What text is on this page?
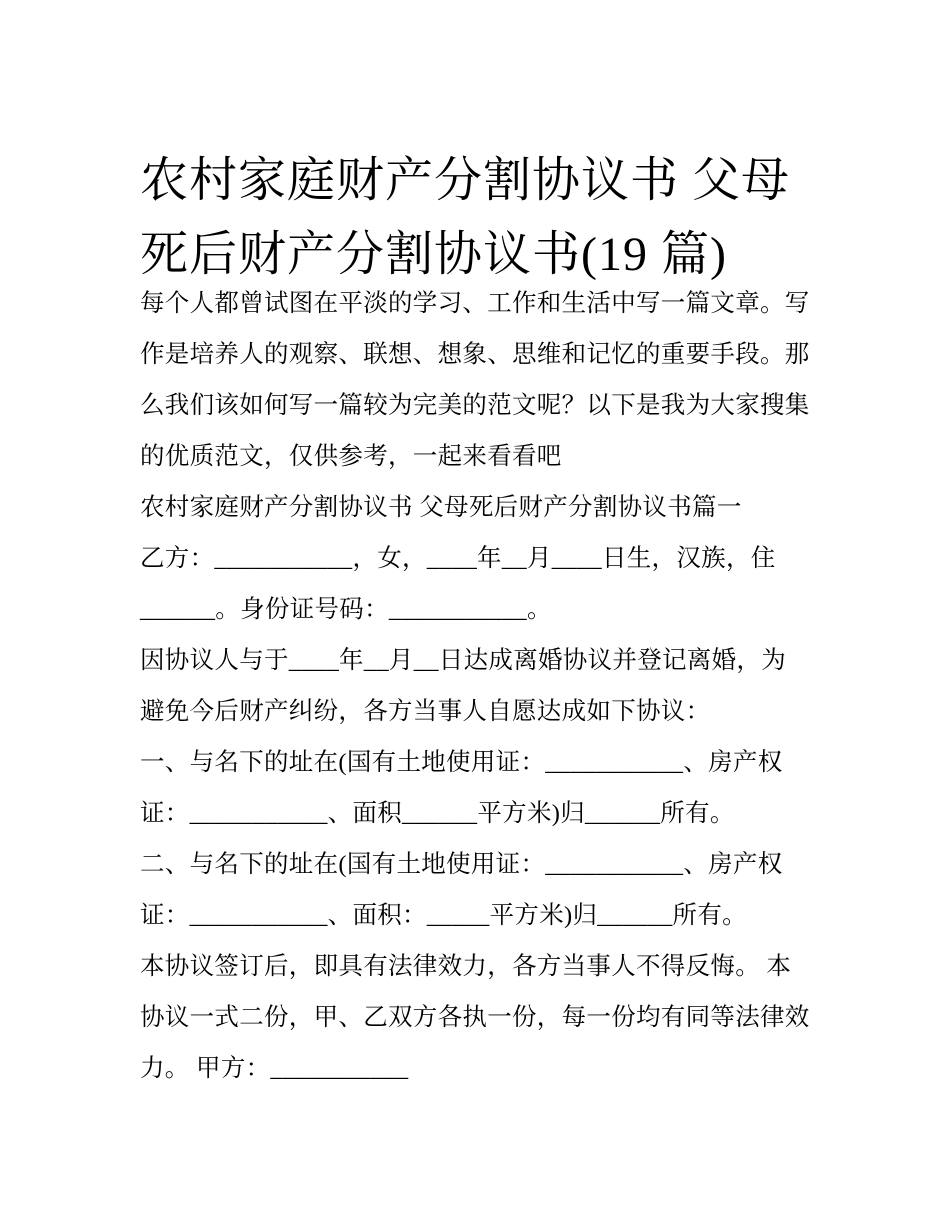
农村家庭财产分割协议书 父母
死后财产分割协议书(19 篇)
每个人都曾试图在平淡的学习、工作和生活中写一篇文章。写
作是培养人的观察、联想、想象、思维和记忆的重要手段。那
么我们该如何写一篇较为完美的范文呢？以下是我为大家搜集
的优质范文，仅供参考，一起来看看吧
农村家庭财产分割协议书 父母死后财产分割协议书篇一
乙方：___________，女，____年__月____日生，汉族，住
______。身份证号码：___________。
因协议人与于____年__月__日达成离婚协议并登记离婚，为
避免今后财产纠纷，各方当事人自愿达成如下协议：
一、与名下的址在(国有土地使用证：___________、房产权
证：___________、面积______平方米)归______所有。
二、与名下的址在(国有土地使用证：___________、房产权
证：___________、面积：_____平方米)归______所有。
本协议签订后，即具有法律效力，各方当事人不得反悔。 本
协议一式二份，甲、乙双方各执一份，每一份均有同等法律效
力。 甲方：___________
